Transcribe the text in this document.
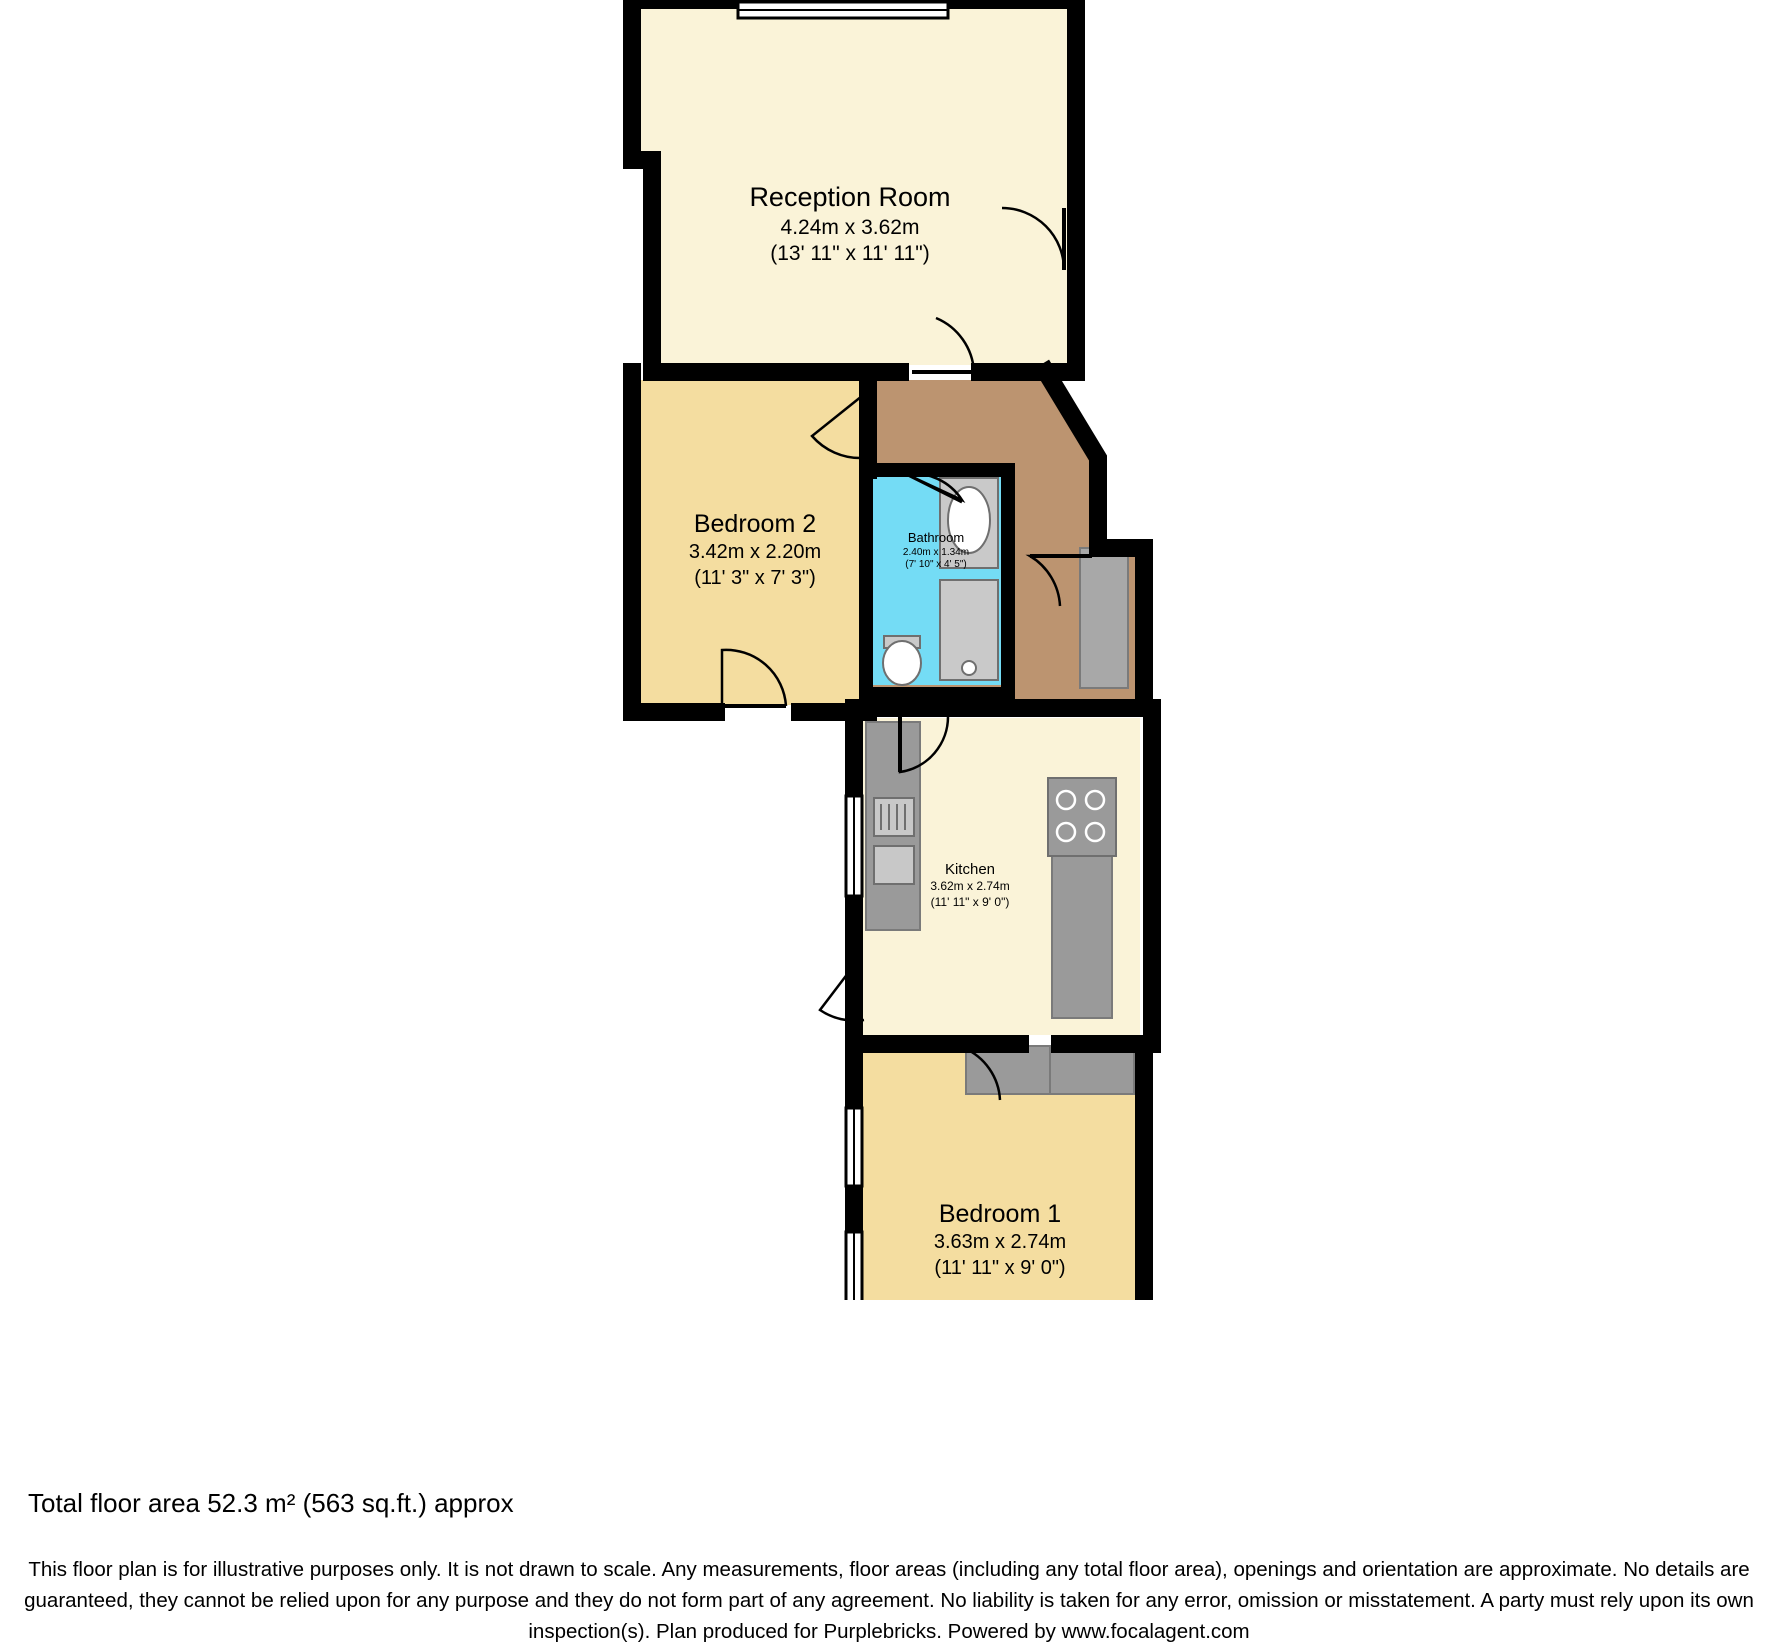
Reception Room
4.24m x 3.62m
(13' 11" x 11' 11")
Bedroom 2
3.42m x 2.20m
(11' 3" x 7' 3")
Bathroom
2.40m x 1.34m
(7' 10" x 4' 5")
Kitchen
3.62m x 2.74m
(11' 11" x 9' 0")
Bedroom 1
3.63m x 2.74m
(11' 11" x 9' 0")
Total floor area 52.3 m² (563 sq.ft.) approx
This floor plan is for illustrative purposes only. It is not drawn to scale. Any measurements, floor areas (including any total floor area), openings and orientation are approximate. No details are guaranteed, they cannot be relied upon for any purpose and they do not form part of any agreement. No liability is taken for any error, omission or misstatement. A party must rely upon its own inspection(s). Plan produced for Purplebricks. Powered by www.focalagent.com
